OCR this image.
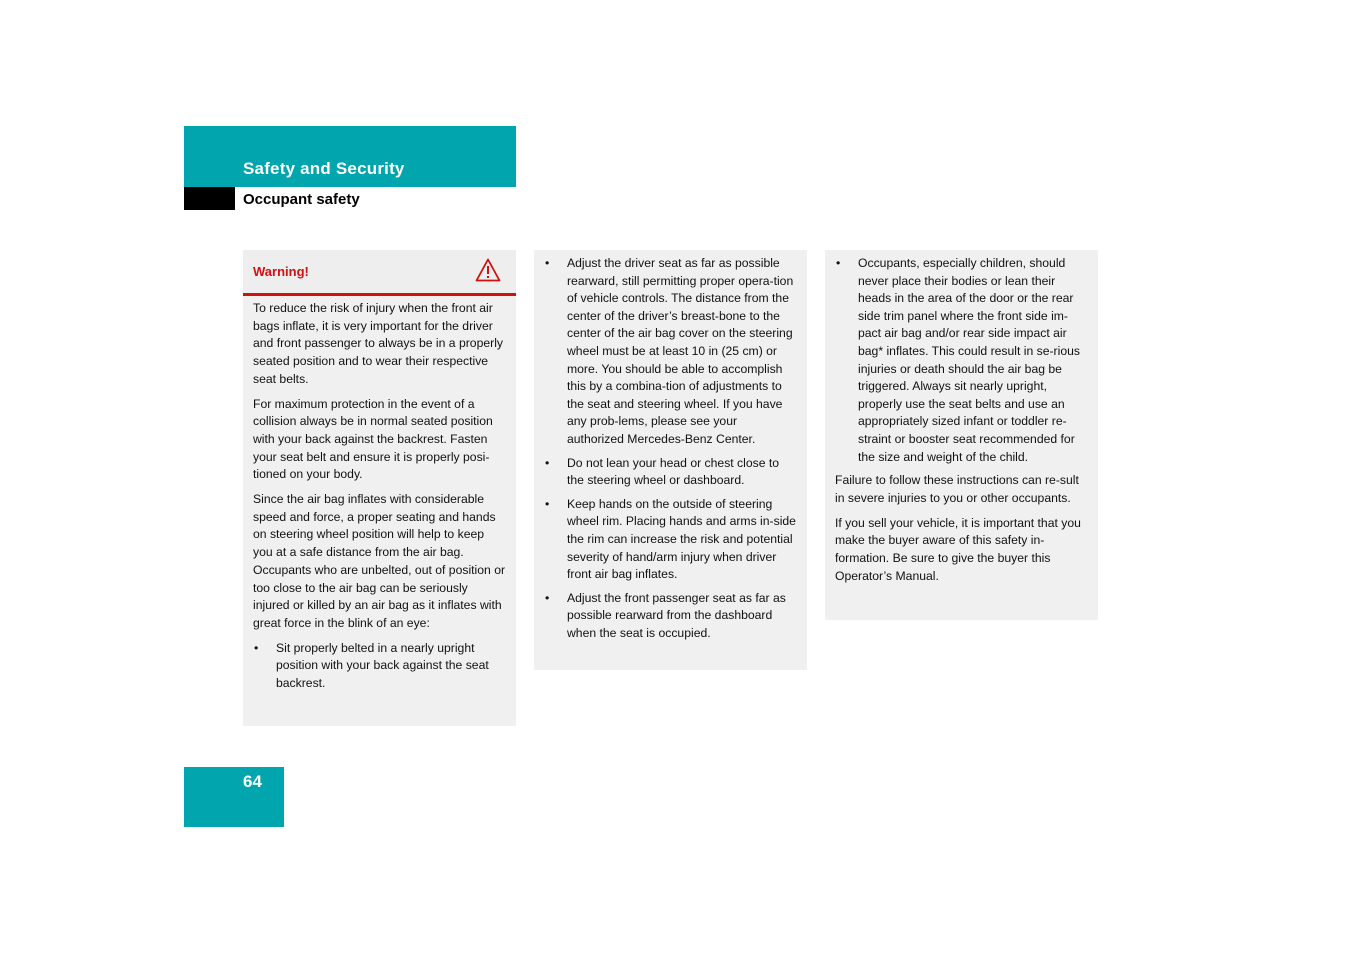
Safety and Security
Occupant safety
Warning!

To reduce the risk of injury when the front air bags inflate, it is very important for the driver and front passenger to always be in a properly seated position and to wear their respective seat belts.

For maximum protection in the event of a collision always be in normal seated position with your back against the backrest. Fasten your seat belt and ensure it is properly posi-tioned on your body.

Since the air bag inflates with considerable speed and force, a proper seating and hands on steering wheel position will help to keep you at a safe distance from the air bag. Occupants who are unbelted, out of position or too close to the air bag can be seriously injured or killed by an air bag as it inflates with great force in the blink of an eye:

• Sit properly belted in a nearly upright position with your back against the seat backrest.
• Adjust the driver seat as far as possible rearward, still permitting proper opera-tion of vehicle controls. The distance from the center of the driver’s breast-bone to the center of the air bag cover on the steering wheel must be at least 10 in (25 cm) or more. You should be able to accomplish this by a combina-tion of adjustments to the seat and steering wheel. If you have any prob-lems, please see your authorized Mercedes-Benz Center.
• Do not lean your head or chest close to the steering wheel or dashboard.
• Keep hands on the outside of steering wheel rim. Placing hands and arms in-side the rim can increase the risk and potential severity of hand/arm injury when driver front air bag inflates.
• Adjust the front passenger seat as far as possible rearward from the dashboard when the seat is occupied.
• Occupants, especially children, should never place their bodies or lean their heads in the area of the door or the rear side trim panel where the front side im-pact air bag and/or rear side impact air bag* inflates. This could result in se-rious injuries or death should the air bag be triggered. Always sit nearly upright, properly use the seat belts and use an appropriately sized infant or toddler re-straint or booster seat recommended for the size and weight of the child.

Failure to follow these instructions can re-sult in severe injuries to you or other occupants.

If you sell your vehicle, it is important that you make the buyer aware of this safety in-formation. Be sure to give the buyer this Operator’s Manual.

64
